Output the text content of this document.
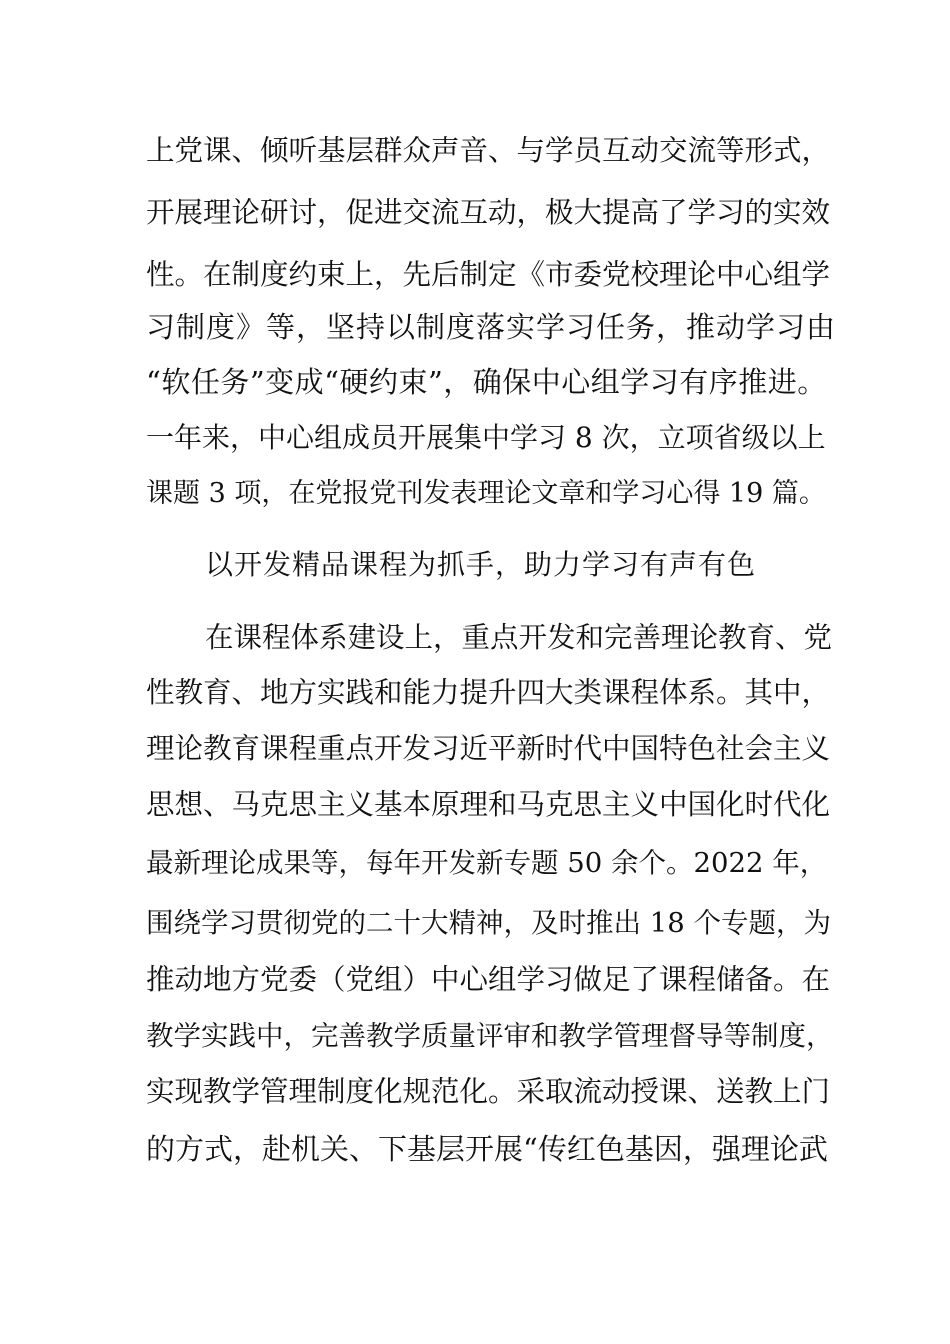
上党课、倾听基层群众声音、与学员互动交流等形式，
开展理论研讨，促进交流互动，极大提高了学习的实效
性。在制度约束上，先后制定《市委党校理论中心组学
习制度》等，坚持以制度落实学习任务，推动学习由
“软任务”变成“硬约束”，确保中心组学习有序推进。
一年来，中心组成员开展集中学习 8 次，立项省级以上
课题 3 项，在党报党刊发表理论文章和学习心得 19 篇。
以开发精品课程为抓手，助力学习有声有色
在课程体系建设上，重点开发和完善理论教育、党
性教育、地方实践和能力提升四大类课程体系。其中，
理论教育课程重点开发习近平新时代中国特色社会主义
思想、马克思主义基本原理和马克思主义中国化时代化
最新理论成果等，每年开发新专题 50 余个。2022 年，
围绕学习贯彻党的二十大精神，及时推出 18 个专题，为
推动地方党委（党组）中心组学习做足了课程储备。在
教学实践中，完善教学质量评审和教学管理督导等制度，
实现教学管理制度化规范化。采取流动授课、送教上门
的方式，赴机关、下基层开展“传红色基因，强理论武
